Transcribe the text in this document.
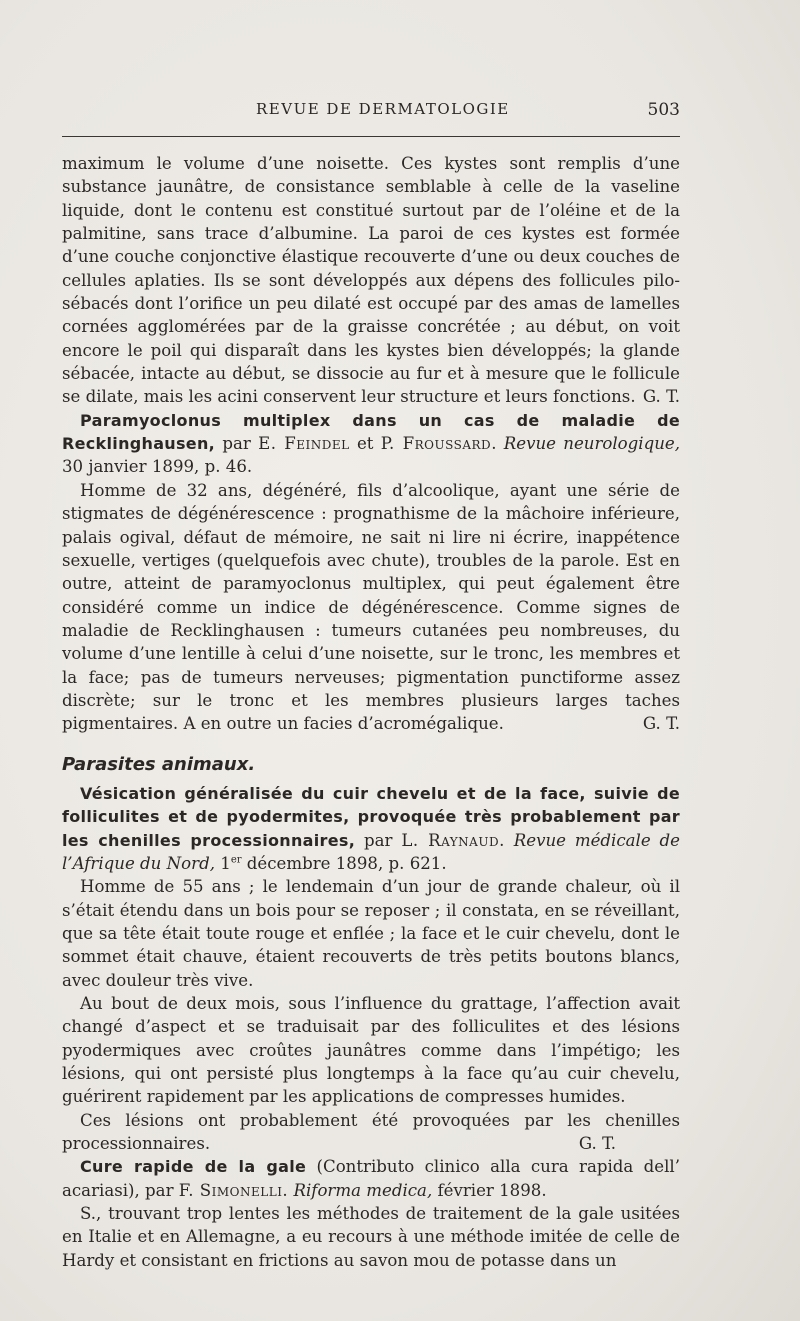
REVUE DE DERMATOLOGIE	503

maximum le volume d’une noisette. Ces kystes sont remplis d’une substance jaunâtre, de consistance semblable à celle de la vaseline liquide, dont le contenu est constitué surtout par de l’oléine et de la palmitine, sans trace d’albumine. La paroi de ces kystes est formée d’une couche conjonctive élastique recouverte d’une ou deux couches de cellules aplaties. Ils se sont développés aux dépens des follicules pilo-sébacés dont l’orifice un peu dilaté est occupé par des amas de lamelles cornées agglomérées par de la graisse concrétée ; au début, on voit encore le poil qui disparaît dans les kystes bien développés; la glande sébacée, intacte au début, se dissocie au fur et à mesure que le follicule se dilate, mais les acini conservent leur structure et leurs fonctions. G. T.

Paramyoclonus multiplex dans un cas de maladie de Recklinghausen, par E. Feindel et P. Froussard. Revue neurologique, 30 janvier 1899, p. 46.

Homme de 32 ans, dégénéré, fils d’alcoolique, ayant une série de stigmates de dégénérescence : prognathisme de la mâchoire inférieure, palais ogival, défaut de mémoire, ne sait ni lire ni écrire, inappétence sexuelle, vertiges (quelquefois avec chute), troubles de la parole. Est en outre, atteint de paramyoclonus multiplex, qui peut également être considéré comme un indice de dégénérescence. Comme signes de maladie de Recklinghausen : tumeurs cutanées peu nombreuses, du volume d’une lentille à celui d’une noisette, sur le tronc, les membres et la face; pas de tumeurs nerveuses; pigmentation punctiforme assez discrète; sur le tronc et les membres plusieurs larges taches pigmentaires. A en outre un facies d’acromégalique.	G. T.

Parasites animaux.

Vésication généralisée du cuir chevelu et de la face, suivie de folliculites et de pyodermites, provoquée très probablement par les chenilles processionnaires, par L. Raynaud. Revue médicale de l’Afrique du Nord, 1er décembre 1898, p. 621.

Homme de 55 ans ; le lendemain d’un jour de grande chaleur, où il s’était étendu dans un bois pour se reposer ; il constata, en se réveillant, que sa tête était toute rouge et enflée ; la face et le cuir chevelu, dont le sommet était chauve, étaient recouverts de très petits boutons blancs, avec douleur très vive.

Au bout de deux mois, sous l’influence du grattage, l’affection avait changé d’aspect et se traduisait par des folliculites et des lésions pyodermiques avec croûtes jaunâtres comme dans l’impétigo; les lésions, qui ont persisté plus longtemps à la face qu’au cuir chevelu, guérirent rapidement par les applications de compresses humides.

Ces lésions ont probablement été provoquées par les chenilles processionnaires.	G. T.

Cure rapide de la gale (Contributo clinico alla cura rapida dell’ acariasi), par F. Simonelli. Riforma medica, février 1898.

S., trouvant trop lentes les méthodes de traitement de la gale usitées en Italie et en Allemagne, a eu recours à une méthode imitée de celle de Hardy et consistant en frictions au savon mou de potasse dans un
